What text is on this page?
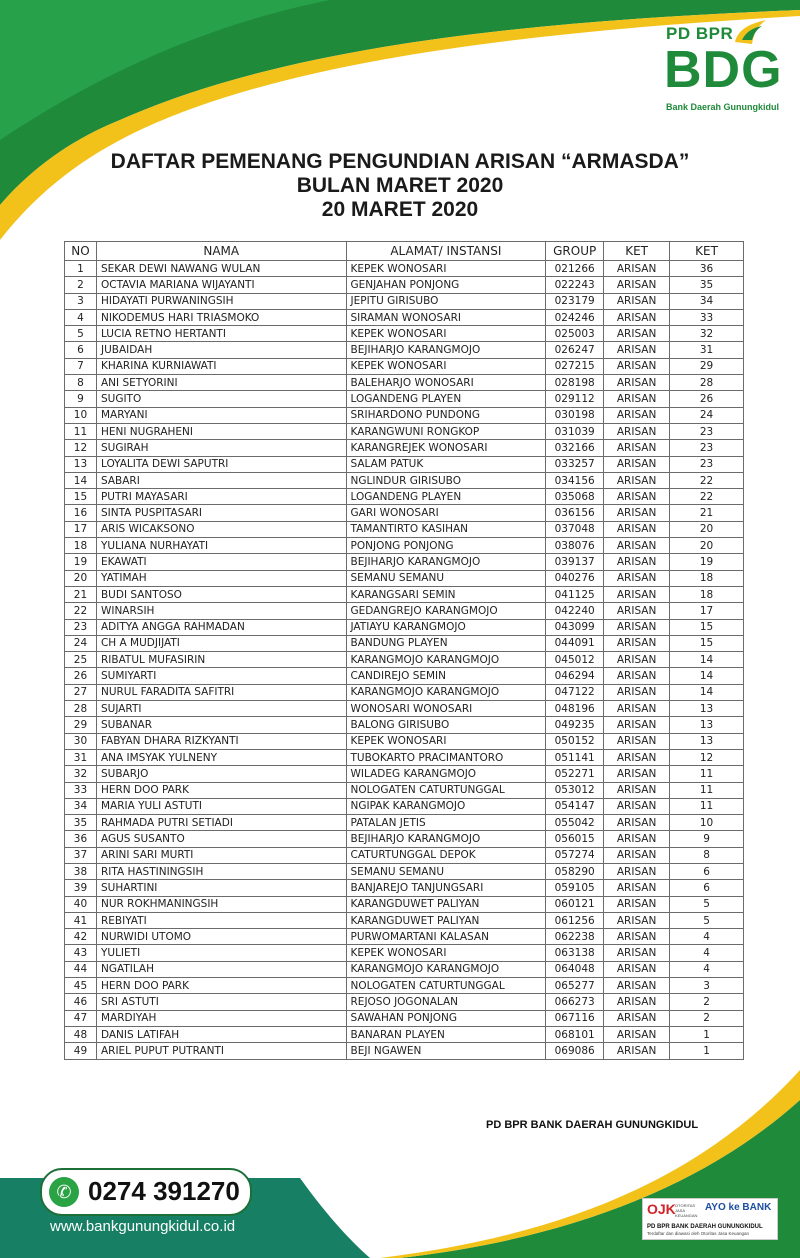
PD BPR
BDG
Bank Daerah Gunungkidul
DAFTAR PEMENANG PENGUNDIAN ARISAN “ARMASDA”
BULAN MARET 2020
20 MARET 2020
NO	NAMA	ALAMAT/ INSTANSI	GROUP	KET	KET
1	SEKAR DEWI NAWANG WULAN	KEPEK WONOSARI	021266	ARISAN	36
2	OCTAVIA MARIANA WIJAYANTI	GENJAHAN PONJONG	022243	ARISAN	35
3	HIDAYATI PURWANINGSIH	JEPITU GIRISUBO	023179	ARISAN	34
4	NIKODEMUS HARI TRIASMOKO	SIRAMAN WONOSARI	024246	ARISAN	33
5	LUCIA RETNO HERTANTI	KEPEK WONOSARI	025003	ARISAN	32
6	JUBAIDAH	BEJIHARJO KARANGMOJO	026247	ARISAN	31
7	KHARINA KURNIAWATI	KEPEK WONOSARI	027215	ARISAN	29
8	ANI SETYORINI	BALEHARJO WONOSARI	028198	ARISAN	28
9	SUGITO	LOGANDENG PLAYEN	029112	ARISAN	26
10	MARYANI	SRIHARDONO PUNDONG	030198	ARISAN	24
11	HENI NUGRAHENI	KARANGWUNI RONGKOP	031039	ARISAN	23
12	SUGIRAH	KARANGREJEK WONOSARI	032166	ARISAN	23
13	LOYALITA DEWI SAPUTRI	SALAM PATUK	033257	ARISAN	23
14	SABARI	NGLINDUR GIRISUBO	034156	ARISAN	22
15	PUTRI MAYASARI	LOGANDENG PLAYEN	035068	ARISAN	22
16	SINTA PUSPITASARI	GARI WONOSARI	036156	ARISAN	21
17	ARIS WICAKSONO	TAMANTIRTO KASIHAN	037048	ARISAN	20
18	YULIANA NURHAYATI	PONJONG PONJONG	038076	ARISAN	20
19	EKAWATI	BEJIHARJO KARANGMOJO	039137	ARISAN	19
20	YATIMAH	SEMANU SEMANU	040276	ARISAN	18
21	BUDI SANTOSO	KARANGSARI SEMIN	041125	ARISAN	18
22	WINARSIH	GEDANGREJO KARANGMOJO	042240	ARISAN	17
23	ADITYA ANGGA RAHMADAN	JATIAYU KARANGMOJO	043099	ARISAN	15
24	CH A MUDJIJATI	BANDUNG PLAYEN	044091	ARISAN	15
25	RIBATUL MUFASIRIN	KARANGMOJO KARANGMOJO	045012	ARISAN	14
26	SUMIYARTI	CANDIREJO SEMIN	046294	ARISAN	14
27	NURUL FARADITA SAFITRI	KARANGMOJO KARANGMOJO	047122	ARISAN	14
28	SUJARTI	WONOSARI WONOSARI	048196	ARISAN	13
29	SUBANAR	BALONG GIRISUBO	049235	ARISAN	13
30	FABYAN DHARA RIZKYANTI	KEPEK WONOSARI	050152	ARISAN	13
31	ANA IMSYAK YULNENY	TUBOKARTO PRACIMANTORO	051141	ARISAN	12
32	SUBARJO	WILADEG KARANGMOJO	052271	ARISAN	11
33	HERN DOO PARK	NOLOGATEN CATURTUNGGAL	053012	ARISAN	11
34	MARIA YULI ASTUTI	NGIPAK KARANGMOJO	054147	ARISAN	11
35	RAHMADA PUTRI SETIADI	PATALAN JETIS	055042	ARISAN	10
36	AGUS SUSANTO	BEJIHARJO KARANGMOJO	056015	ARISAN	9
37	ARINI SARI MURTI	CATURTUNGGAL DEPOK	057274	ARISAN	8
38	RITA HASTININGSIH	SEMANU SEMANU	058290	ARISAN	6
39	SUHARTINI	BANJAREJO TANJUNGSARI	059105	ARISAN	6
40	NUR ROKHMANINGSIH	KARANGDUWET PALIYAN	060121	ARISAN	5
41	REBIYATI	KARANGDUWET PALIYAN	061256	ARISAN	5
42	NURWIDI UTOMO	PURWOMARTANI KALASAN	062238	ARISAN	4
43	YULIETI	KEPEK WONOSARI	063138	ARISAN	4
44	NGATILAH	KARANGMOJO KARANGMOJO	064048	ARISAN	4
45	HERN DOO PARK	NOLOGATEN CATURTUNGGAL	065277	ARISAN	3
46	SRI ASTUTI	REJOSO JOGONALAN	066273	ARISAN	2
47	MARDIYAH	SAWAHAN PONJONG	067116	ARISAN	2
48	DANIS LATIFAH	BANARAN PLAYEN	068101	ARISAN	1
49	ARIEL PUPUT PUTRANTI	BEJI NGAWEN	069086	ARISAN	1
PD BPR BANK DAERAH GUNUNGKIDUL
✆ 0274 391270
www.bankgunungkidul.co.id
OJK OTORITAS JASA KEUANGAN
AYO ke BANK
PD BPR BANK DAERAH GUNUNGKIDUL
Terdaftar dan diawasi oleh Otoritas Jasa Keuangan
